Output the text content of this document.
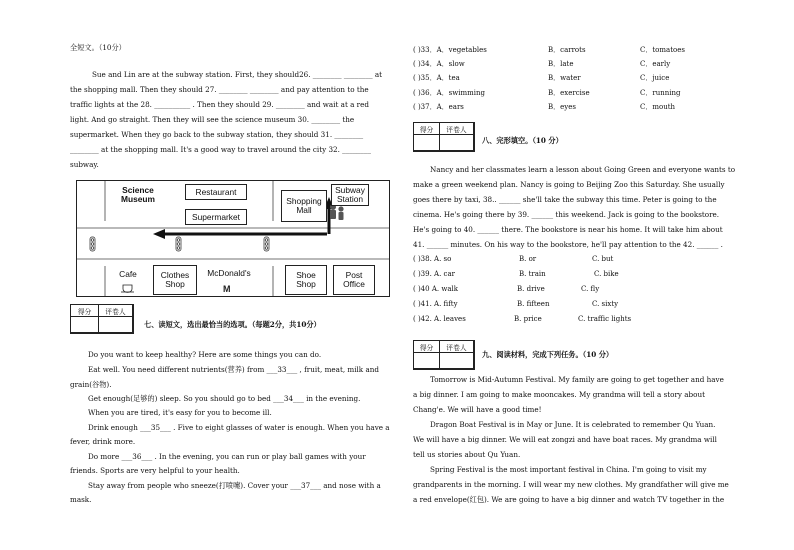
全短文。（10分）
Sue and Lin are at the subway station. First, they should26. ________ ________ at
the shopping mall. Then they should 27. ________ ________ and pay attention to the
traffic lights at the 28. __________ . Then they should 29. ________ and wait at a red
light. And go straight. Then they will see the science museum 30. ________ the
supermarket. When they go back to the subway station, they should 31. ________
________ at the shopping mall. It's a good way to travel around the city 32. ________
subway.
M
Science Museum
Restaurant
Supermarket
Shopping Mall
Subway Station
Cafe	Clothes Shop
McDonald's	Shoe Shop
Post Office
得分	评卷人
七、读短文，选出最恰当的选项。（每题2分，共10分）
Do you want to keep healthy? Here are some things you can do.
Eat well. You need different nutrients(营养) from ___33___ , fruit, meat, milk and
grain(谷物).
Get enough(足够的) sleep. So you should go to bed ___34___ in the evening.
When you are tired, it's easy for you to become ill.
Drink enough ___35___ . Five to eight glasses of water is enough. When you have a
fever, drink more.
Do more ___36___ . In the evening, you can run or play ball games with your
friends. Sports are very helpful to your health.
Stay away from people who sneeze(打喷嚏). Cover your ___37___ and nose with a
mask.
( )33．A．vegetables	B．carrots	C．tomatoes
( )34．A．slow	B．late	C．early
( )35．A．tea	B．water	C．juice
( )36．A．swimming	B．exercise	C．running
( )37．A．ears	B．eyes	C．mouth
得分	评卷人
八、完形填空。（10 分）
Nancy and her classmates learn a lesson about Going Green and everyone wants to
make a green weekend plan. Nancy is going to Beijing Zoo this Saturday. She usually
goes there by taxi, 38.. ______ she'll take the subway this time. Peter is going to the
cinema. He's going there by 39. ______ this weekend. Jack is going to the bookstore.
He's going to 40. ______ there. The bookstore is near his home. It will take him about
41. ______ minutes. On his way to the bookstore, he'll pay attention to the 42. ______ .
( )38. A. so	B. or	C. but
( )39. A. car	B. train	C. bike
( )40 A. walk	B. drive	C. fly
( )41. A. fifty	B. fifteen	C. sixty
( )42. A. leaves	B. price	C. traffic lights
得分	评卷人
九、阅读材料，完成下列任务。（10 分）
Tomorrow is Mid-Autumn Festival. My family are going to get together and have
a big dinner. I am going to make mooncakes. My grandma will tell a story about
Chang'e. We will have a good time!
Dragon Boat Festival is in May or June. It is celebrated to remember Qu Yuan.
We will have a big dinner. We will eat zongzi and have boat races. My grandma will
tell us stories about Qu Yuan.
Spring Festival is the most important festival in China. I'm going to visit my
grandparents in the morning. I will wear my new clothes. My grandfather will give me
a red envelope(红包). We are going to have a big dinner and watch TV together in the
